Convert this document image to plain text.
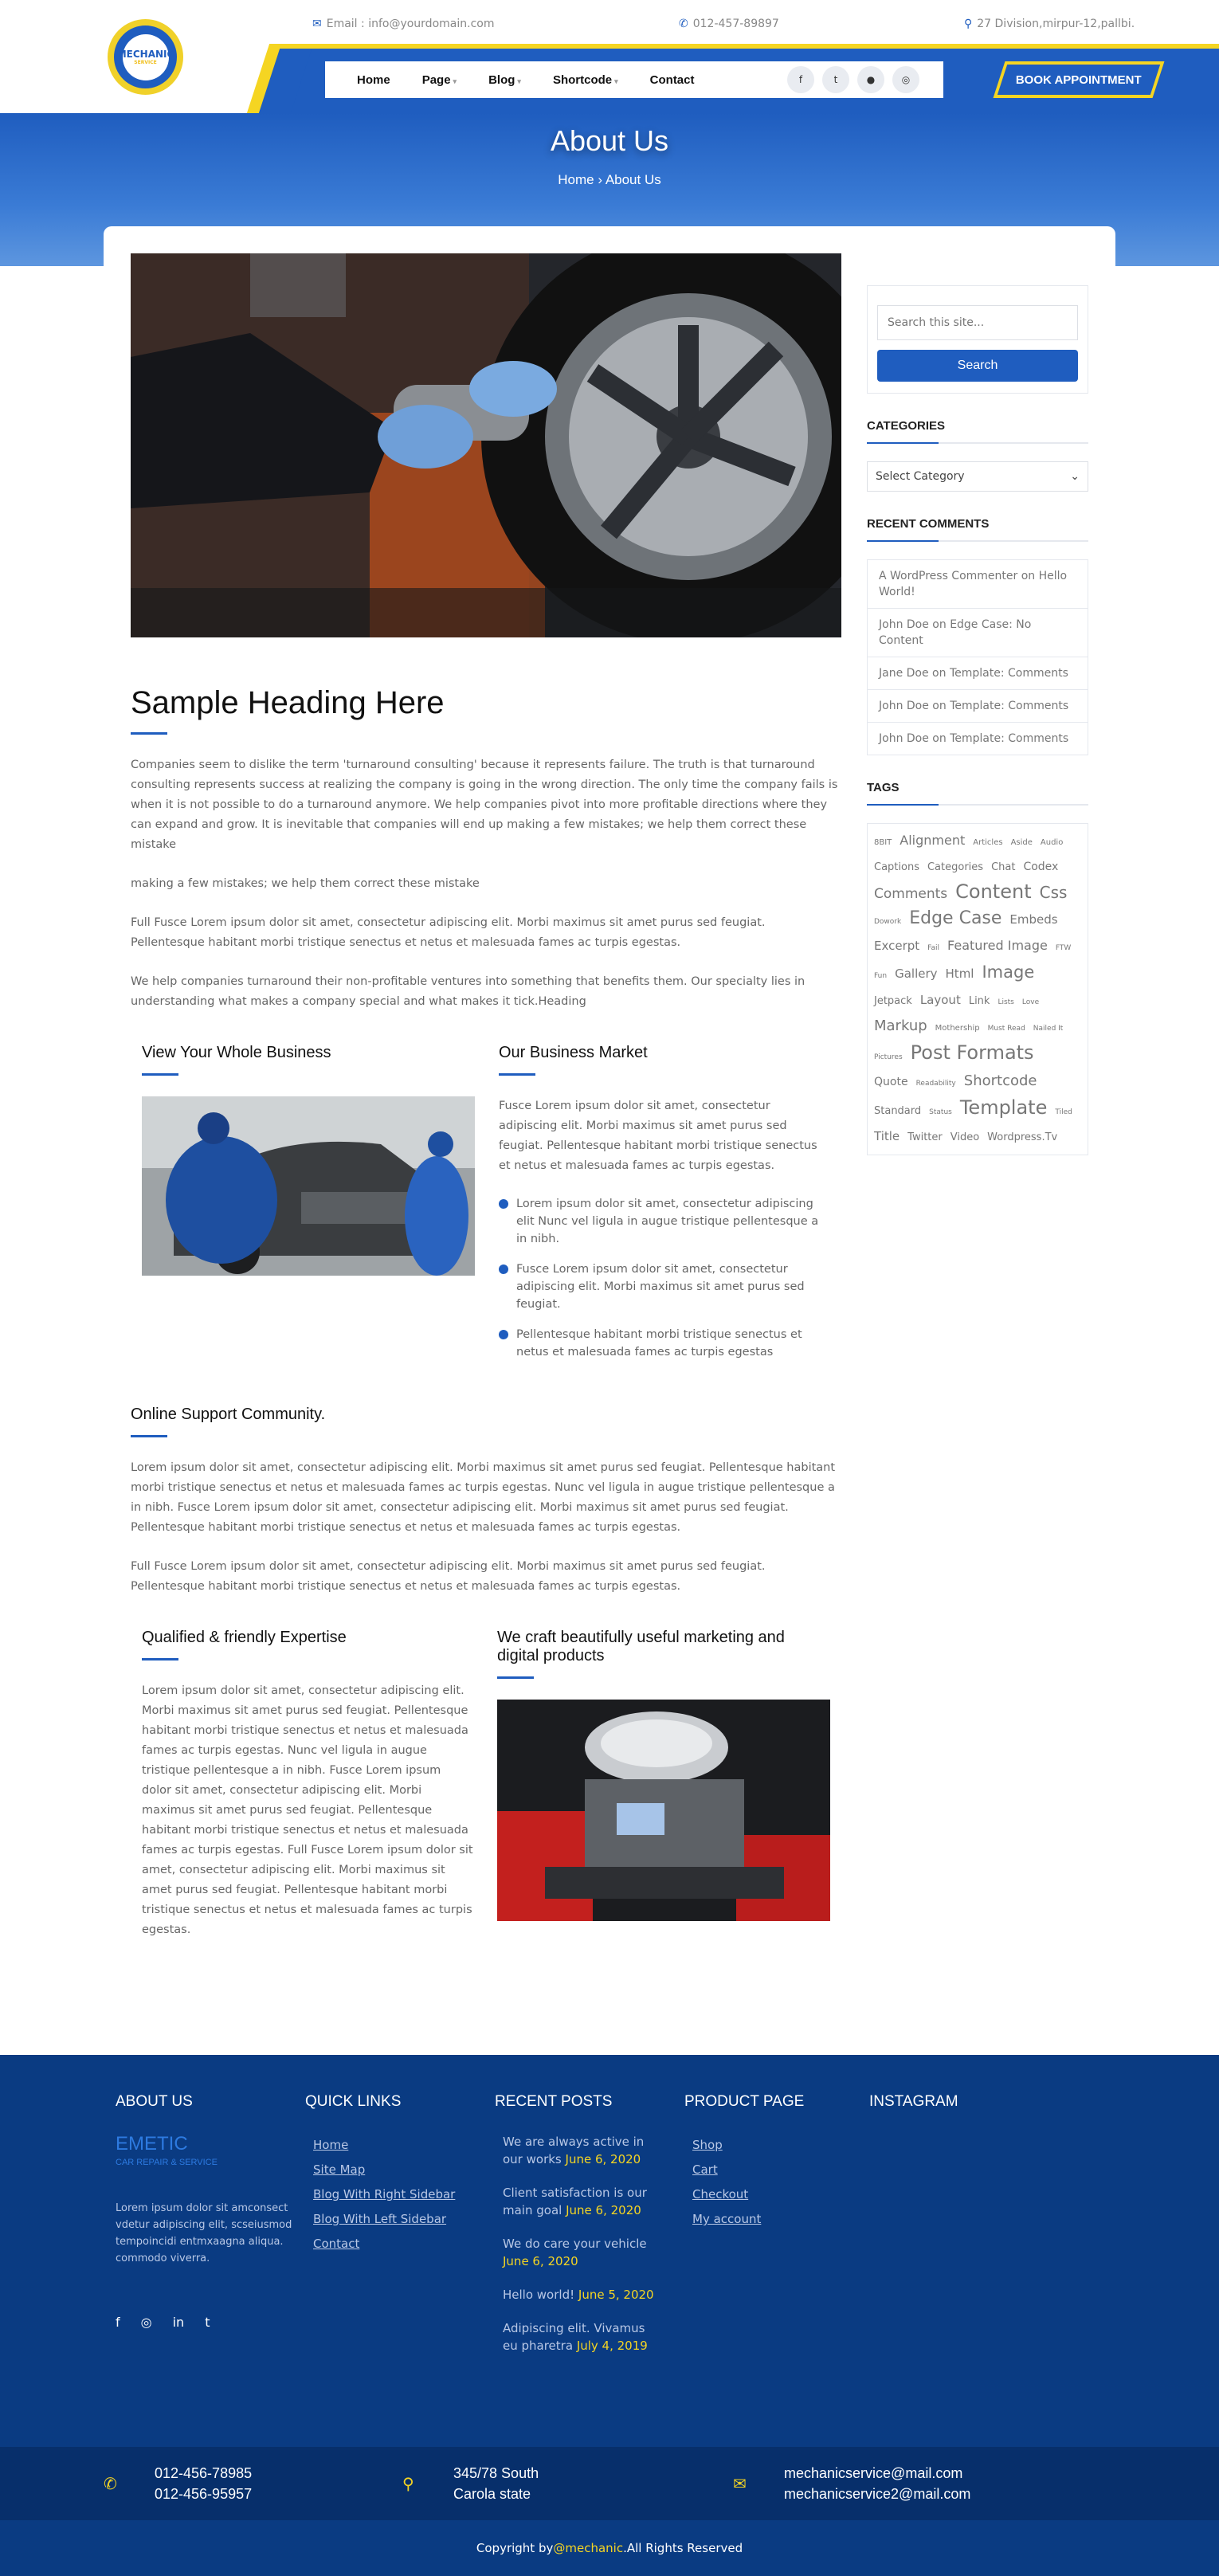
MECHANIC
SERVICE
✉ Email : info@yourdomain.com	✆ 012-457-89897	⚲ 27 Division,mirpur-12,pallbi.
Home	Page ▾	Blog ▾	Shortcode ▾	Contact	f	t	●	◎	BOOK APPOINTMENT
About Us
Home › About Us
Sample Heading Here

Companies seem to dislike the term 'turnaround consulting' because it represents failure. The truth is that turnaround consulting represents success at realizing the company is going in the wrong direction. The only time the company fails is when it is not possible to do a turnaround anymore. We help companies pivot into more profitable directions where they can expand and grow. It is inevitable that companies will end up making a few mistakes; we help them correct these mistake

making a few mistakes; we help them correct these mistake

Full Fusce Lorem ipsum dolor sit amet, consectetur adipiscing elit. Morbi maximus sit amet purus sed feugiat. Pellentesque habitant morbi tristique senectus et netus et malesuada fames ac turpis egestas.

We help companies turnaround their non-profitable ventures into something that benefits them. Our specialty lies in understanding what makes a company special and what makes it tick.Heading

View Your Whole Business	Our Business Market

Fusce Lorem ipsum dolor sit amet, consectetur adipiscing elit. Morbi maximus sit amet purus sed feugiat. Pellentesque habitant morbi tristique senectus et netus et malesuada fames ac turpis egestas.

Lorem ipsum dolor sit amet, consectetur adipiscing elit Nunc vel ligula in augue tristique pellentesque a in nibh.
Fusce Lorem ipsum dolor sit amet, consectetur adipiscing elit. Morbi maximus sit amet purus sed feugiat.
Pellentesque habitant morbi tristique senectus et netus et malesuada fames ac turpis egestas
Online Support Community.

Lorem ipsum dolor sit amet, consectetur adipiscing elit. Morbi maximus sit amet purus sed feugiat. Pellentesque habitant morbi tristique senectus et netus et malesuada fames ac turpis egestas. Nunc vel ligula in augue tristique pellentesque a in nibh. Fusce Lorem ipsum dolor sit amet, consectetur adipiscing elit. Morbi maximus sit amet purus sed feugiat. Pellentesque habitant morbi tristique senectus et netus et malesuada fames ac turpis egestas.

Full Fusce Lorem ipsum dolor sit amet, consectetur adipiscing elit. Morbi maximus sit amet purus sed feugiat. Pellentesque habitant morbi tristique senectus et netus et malesuada fames ac turpis egestas.

Qualified & friendly Expertise

Lorem ipsum dolor sit amet, consectetur adipiscing elit. Morbi maximus sit amet purus sed feugiat. Pellentesque habitant morbi tristique senectus et netus et malesuada fames ac turpis egestas. Nunc vel ligula in augue tristique pellentesque a in nibh. Fusce Lorem ipsum dolor sit amet, consectetur adipiscing elit. Morbi maximus sit amet purus sed feugiat. Pellentesque habitant morbi tristique senectus et netus et malesuada fames ac turpis egestas. Full Fusce Lorem ipsum dolor sit amet, consectetur adipiscing elit. Morbi maximus sit amet purus sed feugiat. Pellentesque habitant morbi tristique senectus et netus et malesuada fames ac turpis egestas.

We craft beautifully useful marketing and digital products
Search this site...
Search
CATEGORIES
Select Category	⌄
RECENT COMMENTS
A WordPress Commenter on Hello World!
John Doe on Edge Case: No Content
Jane Doe on Template: Comments
John Doe on Template: Comments
John Doe on Template: Comments
TAGS
8BIT Alignment Articles Aside AudioCaptions Categories Chat CodexComments Content CssDowork Edge Case EmbedsExcerpt Fail Featured Image FTWFun Gallery Html ImageJetpack Layout Link Lists LoveMarkup Mothership Must Read Nailed ItPictures Post FormatsQuote Readability ShortcodeStandard Status Template TiledTitle Twitter Video Wordpress.Tv
ABOUT US
EMETIC
CAR REPAIR & SERVICE

Lorem ipsum dolor sit amconsect vdetur adipiscing elit, scseiusmod tempoincidi entmxaagna aliqua. commodo viverra.

f ◎ in t
QUICK LINKS
Home
Site Map
Blog With Right Sidebar
Blog With Left Sidebar
Contact
RECENT POSTS
We are always active in our works June 6, 2020
Client satisfaction is our main goal June 6, 2020
We do care your vehicle June 6, 2020
Hello world! June 5, 2020
Adipiscing elit. Vivamus eu pharetra July 4, 2019
PRODUCT PAGE
Shop
Cart
Checkout
My account
INSTAGRAM
✆
012-456-78985
012-456-95957
⚲
345/78 South
Carola state
✉
mechanicservice@mail.com
mechanicservice2@mail.com
Copyright by @mechanic .All Rights Reserved
